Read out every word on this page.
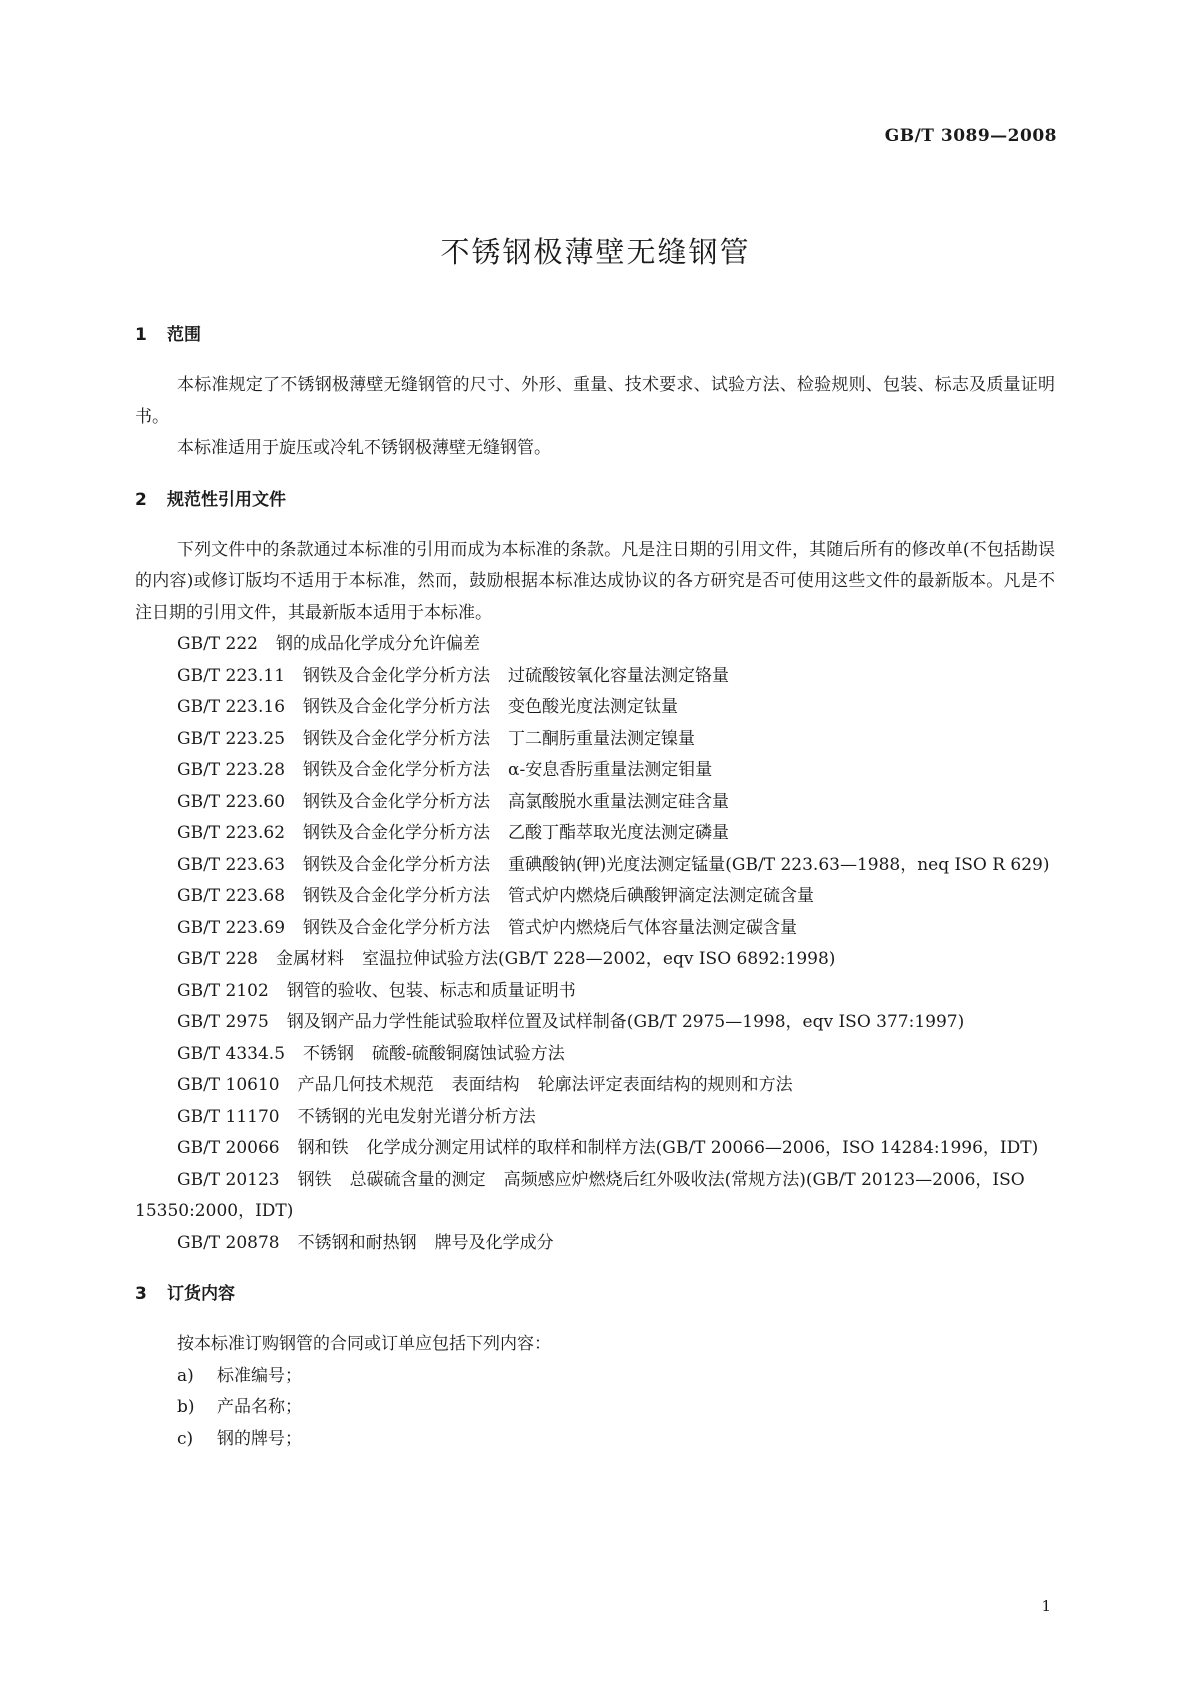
GB/T 3089—2008
不锈钢极薄壁无缝钢管
1 范围

本标准规定了不锈钢极薄壁无缝钢管的尺寸、外形、重量、技术要求、试验方法、检验规则、包装、标志及质量证明书。

本标准适用于旋压或冷轧不锈钢极薄壁无缝钢管。

2 规范性引用文件

下列文件中的条款通过本标准的引用而成为本标准的条款。凡是注日期的引用文件，其随后所有的修改单(不包括勘误的内容)或修订版均不适用于本标准，然而，鼓励根据本标准达成协议的各方研究是否可使用这些文件的最新版本。凡是不注日期的引用文件，其最新版本适用于本标准。

GB/T 222 钢的成品化学成分允许偏差

GB/T 223.11 钢铁及合金化学分析方法 过硫酸铵氧化容量法测定铬量

GB/T 223.16 钢铁及合金化学分析方法 变色酸光度法测定钛量

GB/T 223.25 钢铁及合金化学分析方法 丁二酮肟重量法测定镍量

GB/T 223.28 钢铁及合金化学分析方法 α-安息香肟重量法测定钼量

GB/T 223.60 钢铁及合金化学分析方法 高氯酸脱水重量法测定硅含量

GB/T 223.62 钢铁及合金化学分析方法 乙酸丁酯萃取光度法测定磷量

GB/T 223.63 钢铁及合金化学分析方法 重碘酸钠(钾)光度法测定锰量(GB/T 223.63—1988，neq ISO R 629)

GB/T 223.68 钢铁及合金化学分析方法 管式炉内燃烧后碘酸钾滴定法测定硫含量

GB/T 223.69 钢铁及合金化学分析方法 管式炉内燃烧后气体容量法测定碳含量

GB/T 228 金属材料 室温拉伸试验方法(GB/T 228—2002，eqv ISO 6892:1998)

GB/T 2102 钢管的验收、包装、标志和质量证明书

GB/T 2975 钢及钢产品力学性能试验取样位置及试样制备(GB/T 2975—1998，eqv ISO 377:1997)

GB/T 4334.5 不锈钢 硫酸-硫酸铜腐蚀试验方法

GB/T 10610 产品几何技术规范 表面结构 轮廓法评定表面结构的规则和方法

GB/T 11170 不锈钢的光电发射光谱分析方法

GB/T 20066 钢和铁 化学成分测定用试样的取样和制样方法(GB/T 20066—2006，ISO 14284:1996，IDT)

GB/T 20123 钢铁 总碳硫含量的测定 高频感应炉燃烧后红外吸收法(常规方法)(GB/T 20123—2006，ISO 15350:2000，IDT)

GB/T 20878 不锈钢和耐热钢 牌号及化学成分

3 订货内容

按本标准订购钢管的合同或订单应包括下列内容：

a) 标准编号；

b) 产品名称；

c) 钢的牌号；

1
